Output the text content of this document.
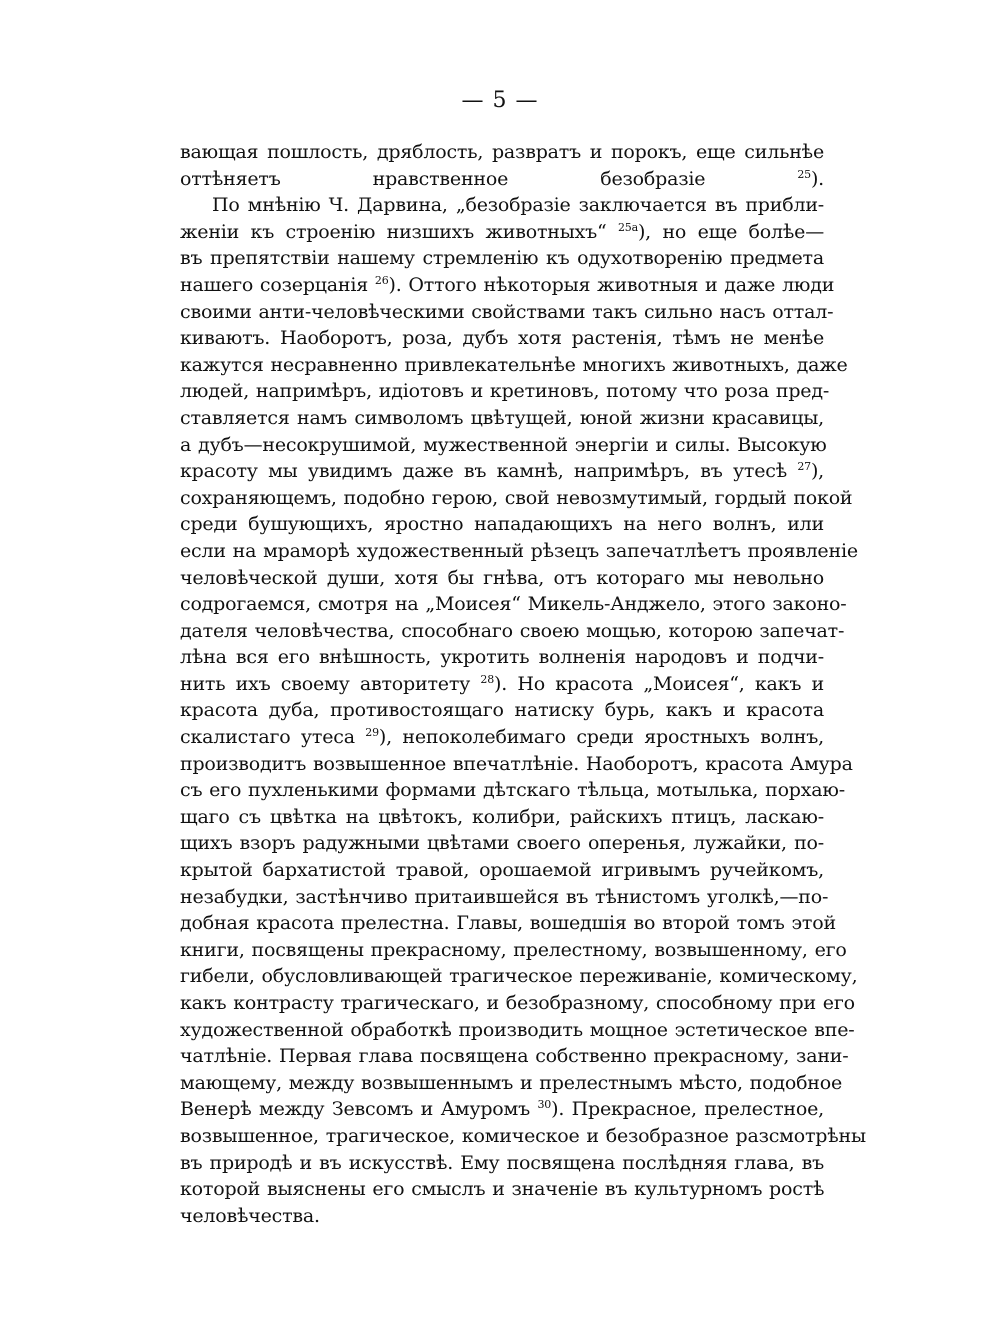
— 5 —
вающая пошлость, дряблость, развратъ и порокъ, еще сильнѣе
оттѣняетъ нравственное безобразіе $^{25}$).
По мнѣнію Ч. Дарвина, „безобразіе заключается въ прибли-
женіи къ строенію низшихъ животныхъ“ $^{25a}$), но еще болѣе—
въ препятствіи нашему стремленію къ одухотворенію предмета
нашего созерцанія $^{26}$). Оттого нѣкоторыя животныя и даже люди
своими анти-человѣческими свойствами такъ сильно насъ оттал-
киваютъ. Наоборотъ, роза, дубъ хотя растенія, тѣмъ не менѣе
кажутся несравненно привлекательнѣе многихъ животныхъ, даже
людей, напримѣръ, идіотовъ и кретиновъ, потому что роза пред-
ставляется намъ символомъ цвѣтущей, юной жизни красавицы,
а дубъ—несокрушимой, мужественной энергіи и силы. Высокую
красоту мы увидимъ даже въ камнѣ, напримѣръ, въ утесѣ $^{27}$),
сохраняющемъ, подобно герою, свой невозмутимый, гордый покой
среди бушующихъ, яростно нападающихъ на него волнъ, или
если на мраморѣ художественный рѣзецъ запечатлѣетъ проявленіе
человѣческой души, хотя бы гнѣва, отъ котораго мы невольно
содрогаемся, смотря на „Моисея“ Микель-Анджело, этого законо-
дателя человѣчества, способнаго своею мощью, которою запечат-
лѣна вся его внѣшность, укротить волненія народовъ и подчи-
нить ихъ своему авторитету $^{28}$). Но красота „Моисея“, какъ и
красота дуба, противостоящаго натиску бурь, какъ и красота
скалистаго утеса $^{29}$), непоколебимаго среди яростныхъ волнъ,
производитъ возвышенное впечатлѣніе. Наоборотъ, красота Амура
съ его пухленькими формами дѣтскаго тѣльца, мотылька, порхаю-
щаго съ цвѣтка на цвѣтокъ, колибри, райскихъ птицъ, ласкаю-
щихъ взоръ радужными цвѣтами своего оперенья, лужайки, по-
крытой бархатистой травой, орошаемой игривымъ ручейкомъ,
незабудки, застѣнчиво притаившейся въ тѣнистомъ уголкѣ,—по-
добная красота прелестна. Главы, вошедшія во второй томъ этой
книги, посвящены прекрасному, прелестному, возвышенному, его
гибели, обусловливающей трагическое переживаніе, комическому,
какъ контрасту трагическаго, и безобразному, способному при его
художественной обработкѣ производить мощное эстетическое впе-
чатлѣніе. Первая глава посвящена собственно прекрасному, зани-
мающему, между возвышеннымъ и прелестнымъ мѣсто, подобное
Венерѣ между Зевсомъ и Амуромъ $^{30}$). Прекрасное, прелестное,
возвышенное, трагическое, комическое и безобразное разсмотрѣны
въ природѣ и въ искусствѣ. Ему посвящена послѣдняя глава, въ
которой выяснены его смыслъ и значеніе въ культурномъ ростѣ
человѣчества.
